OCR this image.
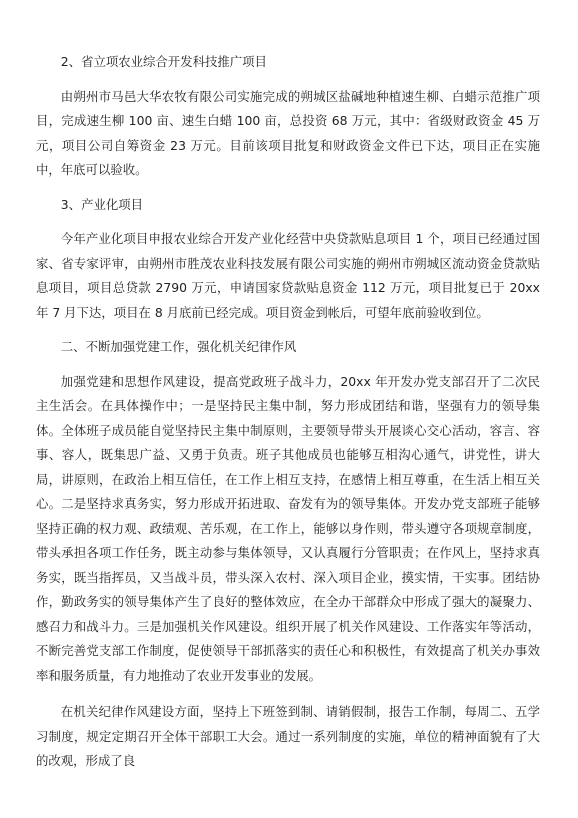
2、省立项农业综合开发科技推广项目

由朔州市马邑大华农牧有限公司实施完成的朔城区盐碱地种植速生柳、白蜡示范推广项目，完成速生柳 100 亩、速生白蜡 100 亩，总投资 68 万元，其中：省级财政资金 45 万元，项目公司自筹资金 23 万元。目前该项目批复和财政资金文件已下达，项目正在实施中，年底可以验收。

3、产业化项目

今年产业化项目申报农业综合开发产业化经营中央贷款贴息项目 1 个，项目已经通过国家、省专家评审，由朔州市胜茂农业科技发展有限公司实施的朔州市朔城区流动资金贷款贴息项目，项目总贷款 2790 万元，申请国家贷款贴息资金 112 万元，项目批复已于 20xx 年 7 月下达，项目在 8 月底前已经完成。项目资金到帐后，可望年底前验收到位。

二、不断加强党建工作，强化机关纪律作风

加强党建和思想作风建设，提高党政班子战斗力，20xx 年开发办党支部召开了二次民主生活会。在具体操作中；一是坚持民主集中制，努力形成团结和谐，坚强有力的领导集体。全体班子成员能自觉坚持民主集中制原则，主要领导带头开展谈心交心活动，容言、容事、容人，既集思广益、又勇于负责。班子其他成员也能够互相沟心通气，讲党性，讲大局，讲原则，在政治上相互信任，在工作上相互支持，在感情上相互尊重，在生活上相互关心。二是坚持求真务实，努力形成开拓进取、奋发有为的领导集体。开发办党支部班子能够坚持正确的权力观、政绩观、苦乐观，在工作上，能够以身作则，带头遵守各项规章制度，带头承担各项工作任务，既主动参与集体领导，又认真履行分管职责；在作风上，坚持求真务实，既当指挥员，又当战斗员，带头深入农村、深入项目企业，摸实情，干实事。团结协作，勤政务实的领导集体产生了良好的整体效应，在全办干部群众中形成了强大的凝聚力、感召力和战斗力。三是加强机关作风建设。组织开展了机关作风建设、工作落实年等活动，不断完善党支部工作制度，促使领导干部抓落实的责任心和积极性，有效提高了机关办事效率和服务质量，有力地推动了农业开发事业的发展。

在机关纪律作风建设方面，坚持上下班签到制、请销假制，报告工作制，每周二、五学习制度，规定定期召开全体干部职工大会。通过一系列制度的实施，单位的精神面貌有了大的改观，形成了良
